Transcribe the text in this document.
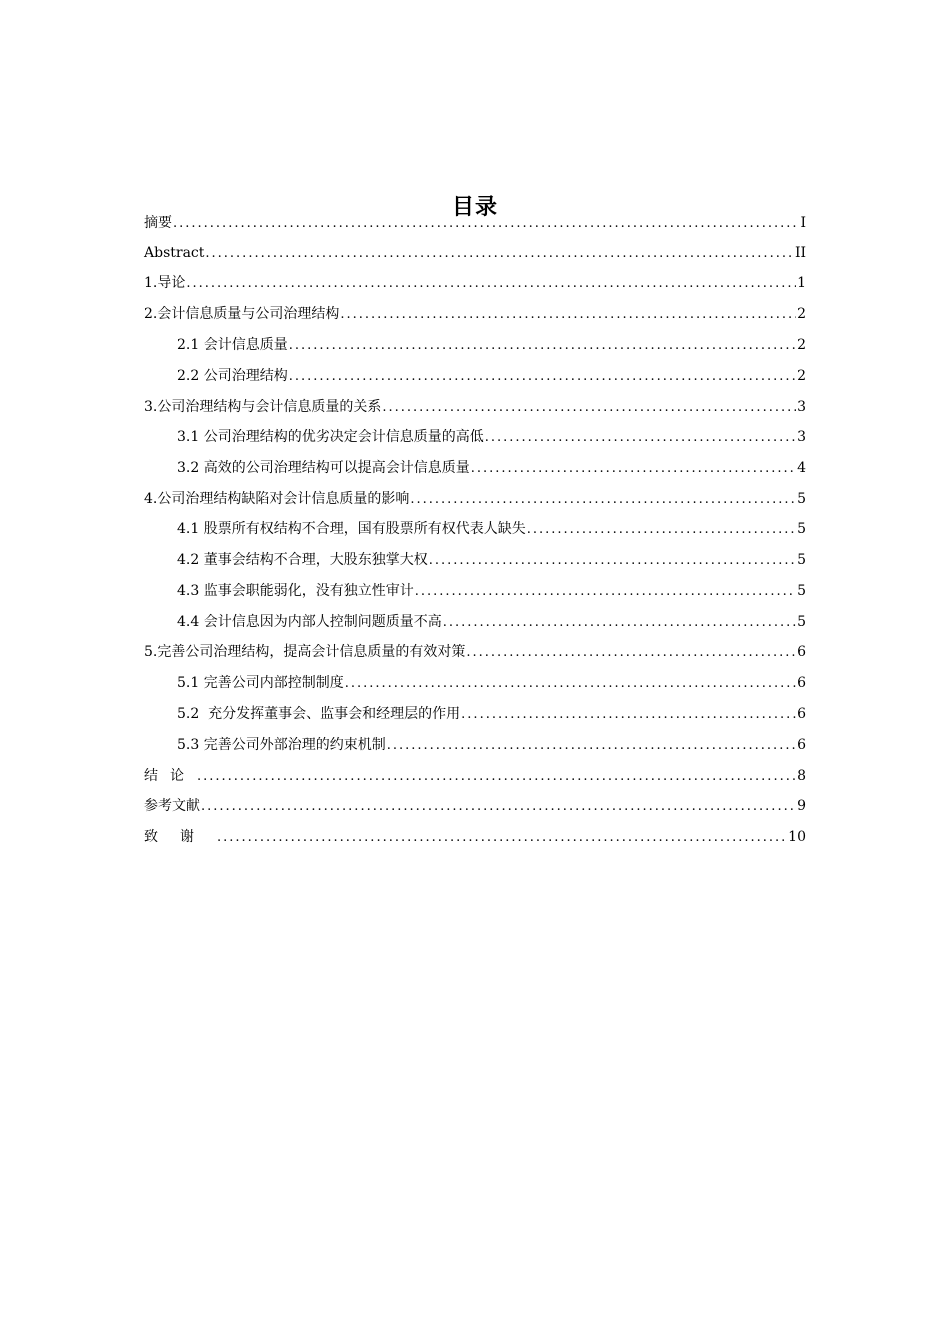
目录
摘要 .....	I
Abstract .....	II
1.导论 .....	1
2.会计信息质量与公司治理结构 .....	2
2.1 会计信息质量 .....	2
2.2 公司治理结构 .....	2
3.公司治理结构与会计信息质量的关系 .....	3
3.1 公司治理结构的优劣决定会计信息质量的高低 .....	3
3.2 高效的公司治理结构可以提高会计信息质量 .....	4
4.公司治理结构缺陷对会计信息质量的影响 .....	5
4.1 股票所有权结构不合理，国有股票所有权代表人缺失 .....	5
4.2 董事会结构不合理，大股东独掌大权 .....	5
4.3 监事会职能弱化，没有独立性审计 .....	5
4.4 会计信息因为内部人控制问题质量不高 .....	5
5.完善公司治理结构，提高会计信息质量的有效对策 .....	6
5.1 完善公司内部控制制度 .....	6
5.2  充分发挥董事会、监事会和经理层的作用 .....	6
5.3 完善公司外部治理的约束机制 .....	6
结论 .....	8
参考文献 .....	9
致谢 .....	10
